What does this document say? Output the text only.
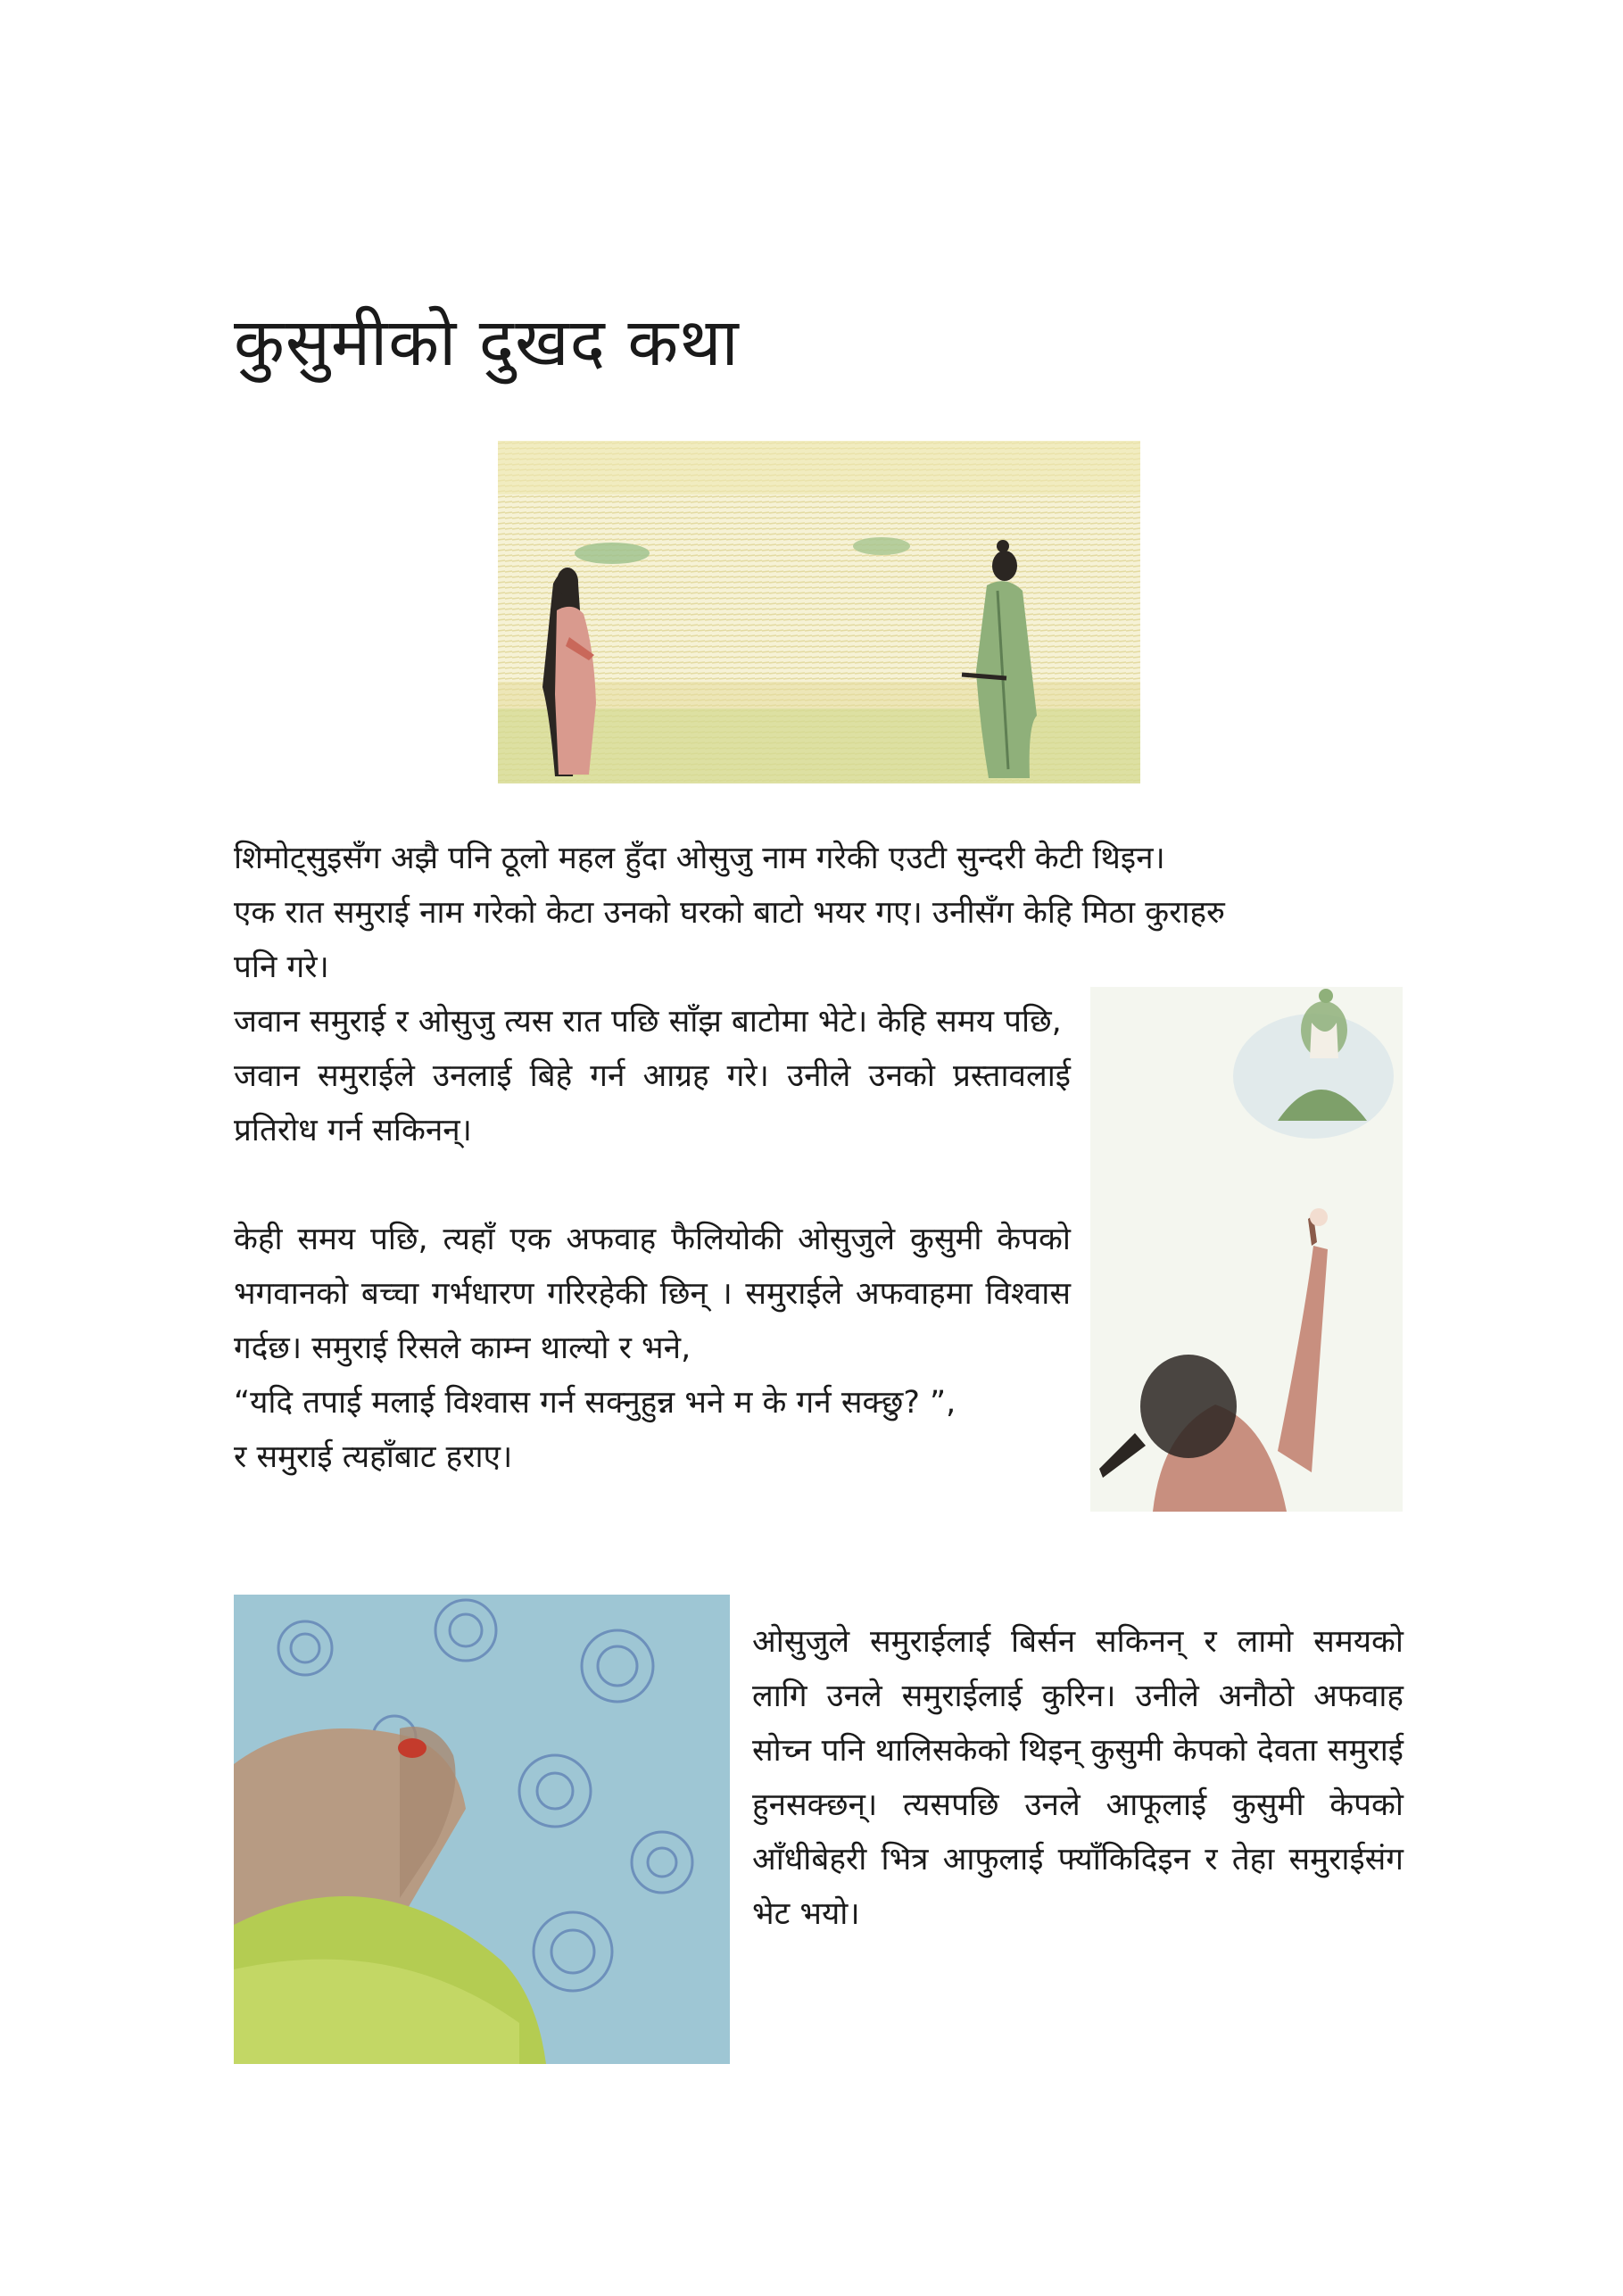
कुसुमीको दुखद कथा

शिमोट्सुइसँग अझै पनि ठूलो महल हुँदा ओसुजु नाम गरेकी एउटी सुन्दरी केटी थिइन।

एक रात समुराई नाम गरेको केटा उनको घरको बाटो भयर गए। उनीसँग केहि मिठा कुराहरु

पनि गरे।

जवान समुराई र ओसुजु त्यस रात पछि साँझ बाटोमा भेटे। केहि समय पछि,

जवान समुराईले उनलाई बिहे गर्न आग्रह गरे। उनीले उनको प्रस्तावलाई प्रतिरोध गर्न सकिनन्।

केही समय पछि, त्यहाँ एक अफवाह फैलियोकी ओसुजुले कुसुमी केपको भगवानको बच्चा गर्भधारण गरिरहेकी छिन् । समुराईले अफवाहमा विश्वास गर्दछ। समुराई रिसले काम्न थाल्यो र भने,

“यदि तपाई मलाई विश्वास गर्न सक्नुहुन्न भने म के गर्न सक्छु? ”,

र समुराई त्यहाँबाट हराए।

ओसुजुले समुराईलाई बिर्सन सकिनन् र लामो समयको लागि उनले समुराईलाई कुरिन। उनीले अनौठो अफवाह सोच्न पनि थालिसकेको थिइन् कुसुमी केपको देवता समुराई हुनसक्छन्। त्यसपछि उनले आफूलाई कुसुमी केपको आँधीबेहरी भित्र आफुलाई फ्याँकिदिइन र तेहा समुराईसंग भेट भयो।
